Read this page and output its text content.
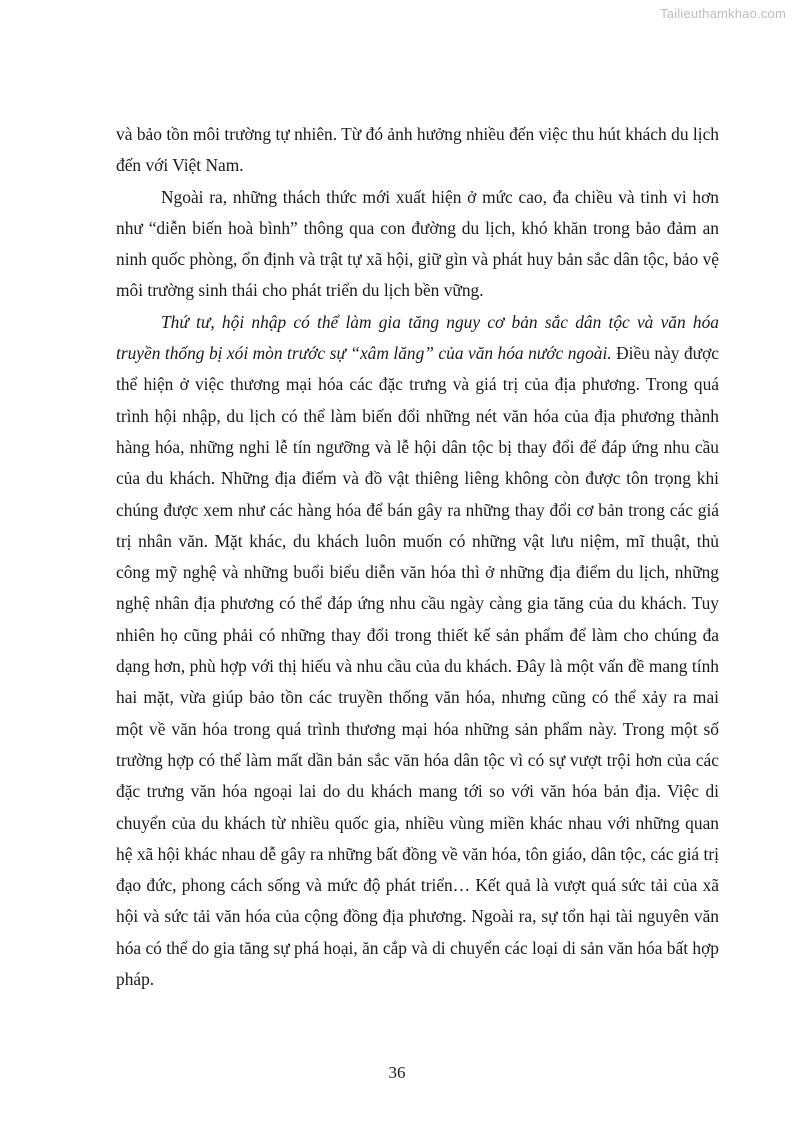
Tailieuthamkhao.com

và bảo tồn môi trường tự nhiên. Từ đó ảnh hưởng nhiều đến việc thu hút khách du lịch đến với Việt Nam.

Ngoài ra, những thách thức mới xuất hiện ở mức cao, đa chiều và tinh vi hơn như “diễn biến hoà bình” thông qua con đường du lịch, khó khăn trong bảo đảm an ninh quốc phòng, ổn định và trật tự xã hội, giữ gìn và phát huy bản sắc dân tộc, bảo vệ môi trường sinh thái cho phát triển du lịch bền vững.

Thứ tư, hội nhập có thể làm gia tăng nguy cơ bản sắc dân tộc và văn hóa truyền thống bị xói mòn trước sự “xâm lăng” của văn hóa nước ngoài. Điều này được thể hiện ở việc thương mại hóa các đặc trưng và giá trị của địa phương. Trong quá trình hội nhập, du lịch có thể làm biến đổi những nét văn hóa của địa phương thành hàng hóa, những nghi lễ tín ngưỡng và lễ hội dân tộc bị thay đổi để đáp ứng nhu cầu của du khách. Những địa điểm và đồ vật thiêng liêng không còn được tôn trọng khi chúng được xem như các hàng hóa để bán gây ra những thay đổi cơ bản trong các giá trị nhân văn. Mặt khác, du khách luôn muốn có những vật lưu niệm, mĩ thuật, thủ công mỹ nghệ và những buổi biểu diễn văn hóa thì ở những địa điểm du lịch, những nghệ nhân địa phương có thể đáp ứng nhu cầu ngày càng gia tăng của du khách. Tuy nhiên họ cũng phải có những thay đổi trong thiết kế sản phẩm để làm cho chúng đa dạng hơn, phù hợp với thị hiếu và nhu cầu của du khách. Đây là một vấn đề mang tính hai mặt, vừa giúp bảo tồn các truyền thống văn hóa, nhưng cũng có thể xảy ra mai một về văn hóa trong quá trình thương mại hóa những sản phẩm này. Trong một số trường hợp có thể làm mất dần bản sắc văn hóa dân tộc vì có sự vượt trội hơn của các đặc trưng văn hóa ngoại lai do du khách mang tới so với văn hóa bản địa. Việc di chuyển của du khách từ nhiều quốc gia, nhiều vùng miền khác nhau với những quan hệ xã hội khác nhau dễ gây ra những bất đồng về văn hóa, tôn giáo, dân tộc, các giá trị đạo đức, phong cách sống và mức độ phát triển… Kết quả là vượt quá sức tải của xã hội và sức tải văn hóa của cộng đồng địa phương. Ngoài ra, sự tổn hại tài nguyên văn hóa có thể do gia tăng sự phá hoại, ăn cắp và di chuyển các loại di sản văn hóa bất hợp pháp.

36
